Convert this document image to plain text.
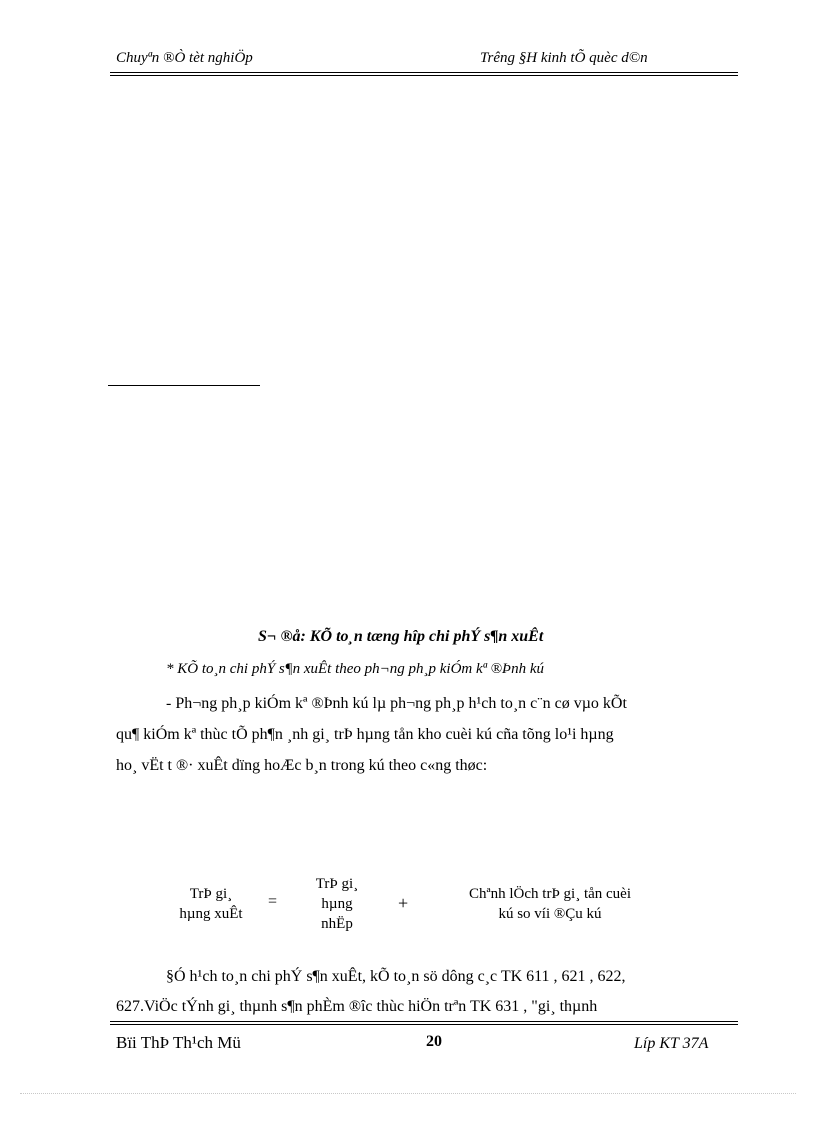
Chuyªn ®Ò tèt nghiÖp	Trêng §H kinh tÕ quèc d©n
S¬ ®å: KÕ to¸n tæng hîp chi phÝ s¶n xuÊt
* KÕ to¸n chi phÝ s¶n xuÊt theo ph¬ng ph¸p kiÓm kª ®Þnh kú
- Ph¬ng ph¸p kiÓm kª ®Þnh kú lµ ph¬ng ph¸p h¹ch to¸n c¨n cø vµo kÕt
qu¶ kiÓm kª thùc tÕ ph¶n ¸nh gi¸ trÞ hµng tån kho cuèi kú cña tõng lo¹i hµng
ho¸ vËt t ®· xuÊt dïng hoÆc b¸n trong kú theo c«ng thøc:
TrÞ gi¸
hµng xuÊt
=
TrÞ gi¸
hµng
nhËp
+	Chªnh lÖch trÞ gi¸ tån cuèi
kú so víi ®Çu kú
§Ó h¹ch to¸n chi phÝ s¶n xuÊt, kÕ to¸n sö dông c¸c TK 611 , 621 , 622,
627.ViÖc tÝnh gi¸ thµnh s¶n phÈm ®îc thùc hiÖn trªn TK 631 , "gi¸ thµnh
Bïi ThÞ Th¹ch Mü	20	Líp KT 37A
